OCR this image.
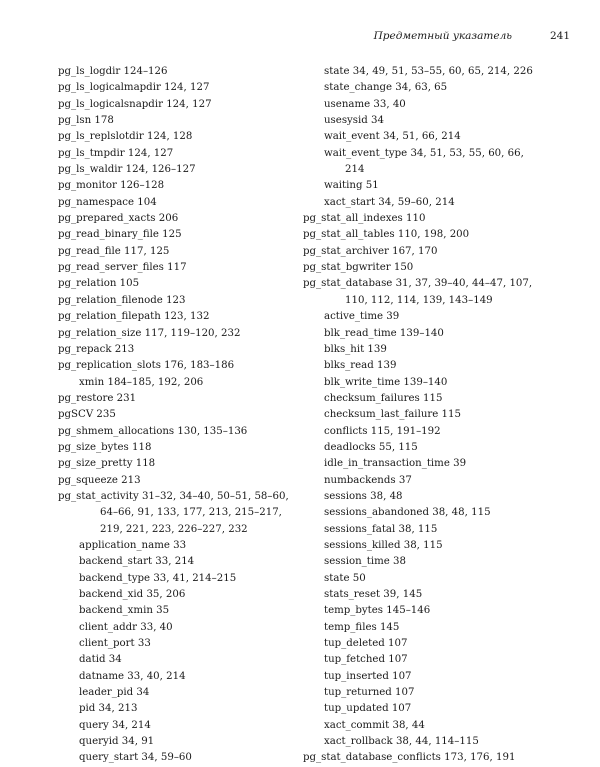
Предметный указатель	241
pg_ls_logdir 124–126
pg_ls_logicalmapdir 124, 127
pg_ls_logicalsnapdir 124, 127
pg_lsn 178
pg_ls_replslotdir 124, 128
pg_ls_tmpdir 124, 127
pg_ls_waldir 124, 126–127
pg_monitor 126–128
pg_namespace 104
pg_prepared_xacts 206
pg_read_binary_file 125
pg_read_file 117, 125
pg_read_server_files 117
pg_relation 105
pg_relation_filenode 123
pg_relation_filepath 123, 132
pg_relation_size 117, 119–120, 232
pg_repack 213
pg_replication_slots 176, 183–186
xmin 184–185, 192, 206
pg_restore 231
pgSCV 235
pg_shmem_allocations 130, 135–136
pg_size_bytes 118
pg_size_pretty 118
pg_squeeze 213
pg_stat_activity 31–32, 34–40, 50–51, 58–60,
64–66, 91, 133, 177, 213, 215–217,
219, 221, 223, 226–227, 232
application_name 33
backend_start 33, 214
backend_type 33, 41, 214–215
backend_xid 35, 206
backend_xmin 35
client_addr 33, 40
client_port 33
datid 34
datname 33, 40, 214
leader_pid 34
pid 34, 213
query 34, 214
queryid 34, 91
query_start 34, 59–60
state 34, 49, 51, 53–55, 60, 65, 214, 226
state_change 34, 63, 65
usename 33, 40
usesysid 34
wait_event 34, 51, 66, 214
wait_event_type 34, 51, 53, 55, 60, 66,
214
waiting 51
xact_start 34, 59–60, 214
pg_stat_all_indexes 110
pg_stat_all_tables 110, 198, 200
pg_stat_archiver 167, 170
pg_stat_bgwriter 150
pg_stat_database 31, 37, 39–40, 44–47, 107,
110, 112, 114, 139, 143–149
active_time 39
blk_read_time 139–140
blks_hit 139
blks_read 139
blk_write_time 139–140
checksum_failures 115
checksum_last_failure 115
conflicts 115, 191–192
deadlocks 55, 115
idle_in_transaction_time 39
numbackends 37
sessions 38, 48
sessions_abandoned 38, 48, 115
sessions_fatal 38, 115
sessions_killed 38, 115
session_time 38
state 50
stats_reset 39, 145
temp_bytes 145–146
temp_files 145
tup_deleted 107
tup_fetched 107
tup_inserted 107
tup_returned 107
tup_updated 107
xact_commit 38, 44
xact_rollback 38, 44, 114–115
pg_stat_database_conflicts 173, 176, 191
